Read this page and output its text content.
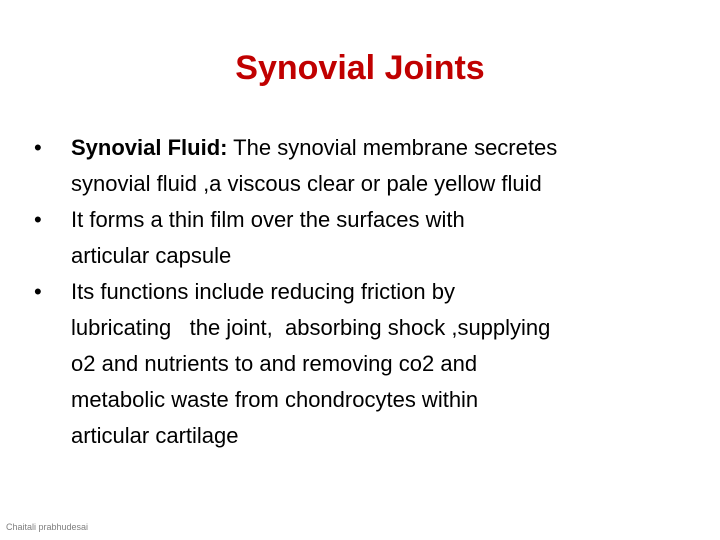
Synovial Joints
• Synovial Fluid: The synovial membrane secretes
synovial fluid ,a viscous clear or pale yellow fluid
• It forms a thin film over the surfaces with
articular capsule
• Its functions include reducing friction by
lubricating   the joint,  absorbing shock ,supplying
o2 and nutrients to and removing co2 and
metabolic waste from chondrocytes within
articular cartilage
Chaitali prabhudesai
